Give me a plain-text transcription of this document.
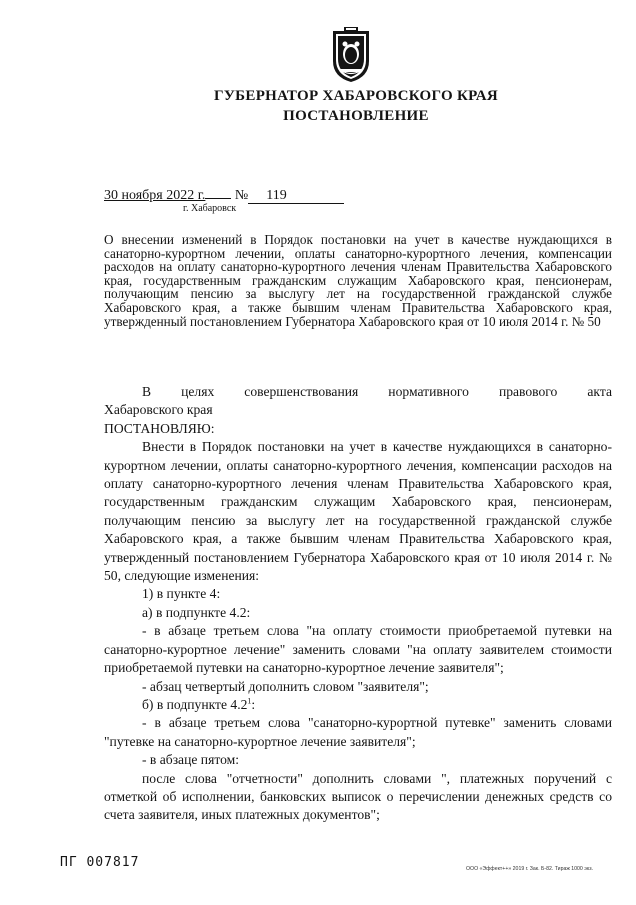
ГУБЕРНАТОР ХАБАРОВСКОГО КРАЯ
ПОСТАНОВЛЕНИЕ
30 ноября 2022 г. № 119
г. Хабаровск
О внесении изменений в Порядок постановки на учет в качестве нуждающихся в санаторно-курортном лечении, оплаты санаторно-курортного лечения, компенсации расходов на оплату санаторно-курортного лечения членам Правительства Хабаровского края, государственным гражданским служащим Хабаровского края, пенсионерам, получающим пенсию за выслугу лет на государственной гражданской службе Хабаровского края, а также бывшим членам Правительства Хабаровского края, утвержденный постановлением Губернатора Хабаровского края от 10 июля 2014 г. № 50

В целях совершенствования нормативного правового акта

Хабаровского края

ПОСТАНОВЛЯЮ:

Внести в Порядок постановки на учет в качестве нуждающихся в санаторно-курортном лечении, оплаты санаторно-курортного лечения, компенсации расходов на оплату санаторно-курортного лечения членам Правительства Хабаровского края, государственным гражданским служащим Хабаровского края, пенсионерам, получающим пенсию за выслугу лет на государственной гражданской службе Хабаровского края, а также бывшим членам Правительства Хабаровского края, утвержденный постановлением Губернатора Хабаровского края от 10 июля 2014 г. № 50, следующие изменения:

1) в пункте 4:

а) в подпункте 4.2:

- в абзаце третьем слова "на оплату стоимости приобретаемой путевки на санаторно-курортное лечение" заменить словами "на оплату заявителем стоимости приобретаемой путевки на санаторно-курортное лечение заявителя";

- абзац четвертый дополнить словом "заявителя";

б) в подпункте $4.2^1$:

- в абзаце третьем слова "санаторно-курортной путевке" заменить словами "путевке на санаторно-курортное лечение заявителя";

- в абзаце пятом:

после слова "отчетности" дополнить словами ", платежных поручений с отметкой об исполнении, банковских выписок о перечислении денежных средств со счета заявителя, иных платежных документов";

ПГ 007817	ООО «Эффект++» 2019 г. Зак. Б-82. Тираж 1000 экз.
